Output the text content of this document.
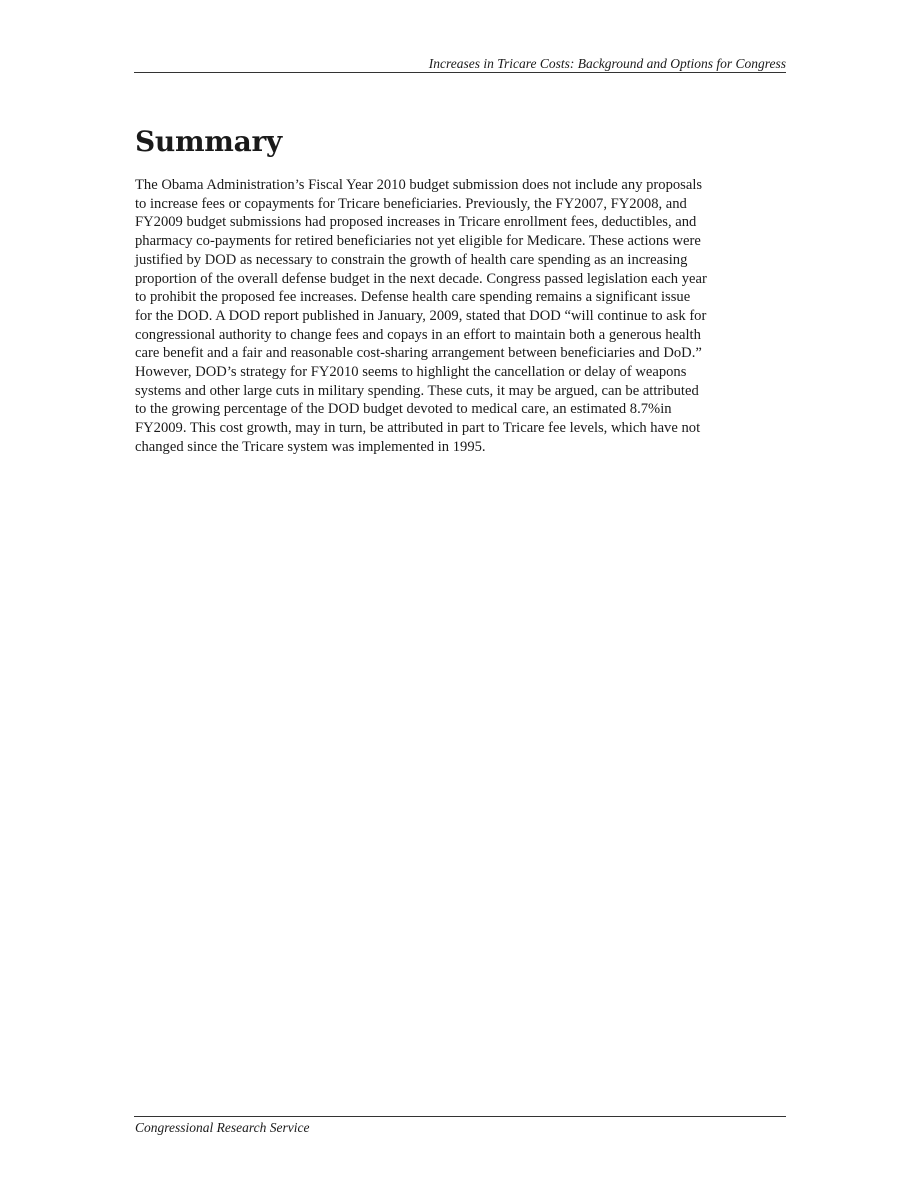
Increases in Tricare Costs: Background and Options for Congress
Summary

The Obama Administration’s Fiscal Year 2010 budget submission does not include any proposals
to increase fees or copayments for Tricare beneficiaries. Previously, the FY2007, FY2008, and
FY2009 budget submissions had proposed increases in Tricare enrollment fees, deductibles, and
pharmacy co-payments for retired beneficiaries not yet eligible for Medicare. These actions were
justified by DOD as necessary to constrain the growth of health care spending as an increasing
proportion of the overall defense budget in the next decade. Congress passed legislation each year
to prohibit the proposed fee increases. Defense health care spending remains a significant issue
for the DOD. A DOD report published in January, 2009, stated that DOD “will continue to ask for
congressional authority to change fees and copays in an effort to maintain both a generous health
care benefit and a fair and reasonable cost-sharing arrangement between beneficiaries and DoD.”
However, DOD’s strategy for FY2010 seems to highlight the cancellation or delay of weapons
systems and other large cuts in military spending. These cuts, it may be argued, can be attributed
to the growing percentage of the DOD budget devoted to medical care, an estimated 8.7%in
FY2009. This cost growth, may in turn, be attributed in part to Tricare fee levels, which have not
changed since the Tricare system was implemented in 1995.

Congressional Research Service
